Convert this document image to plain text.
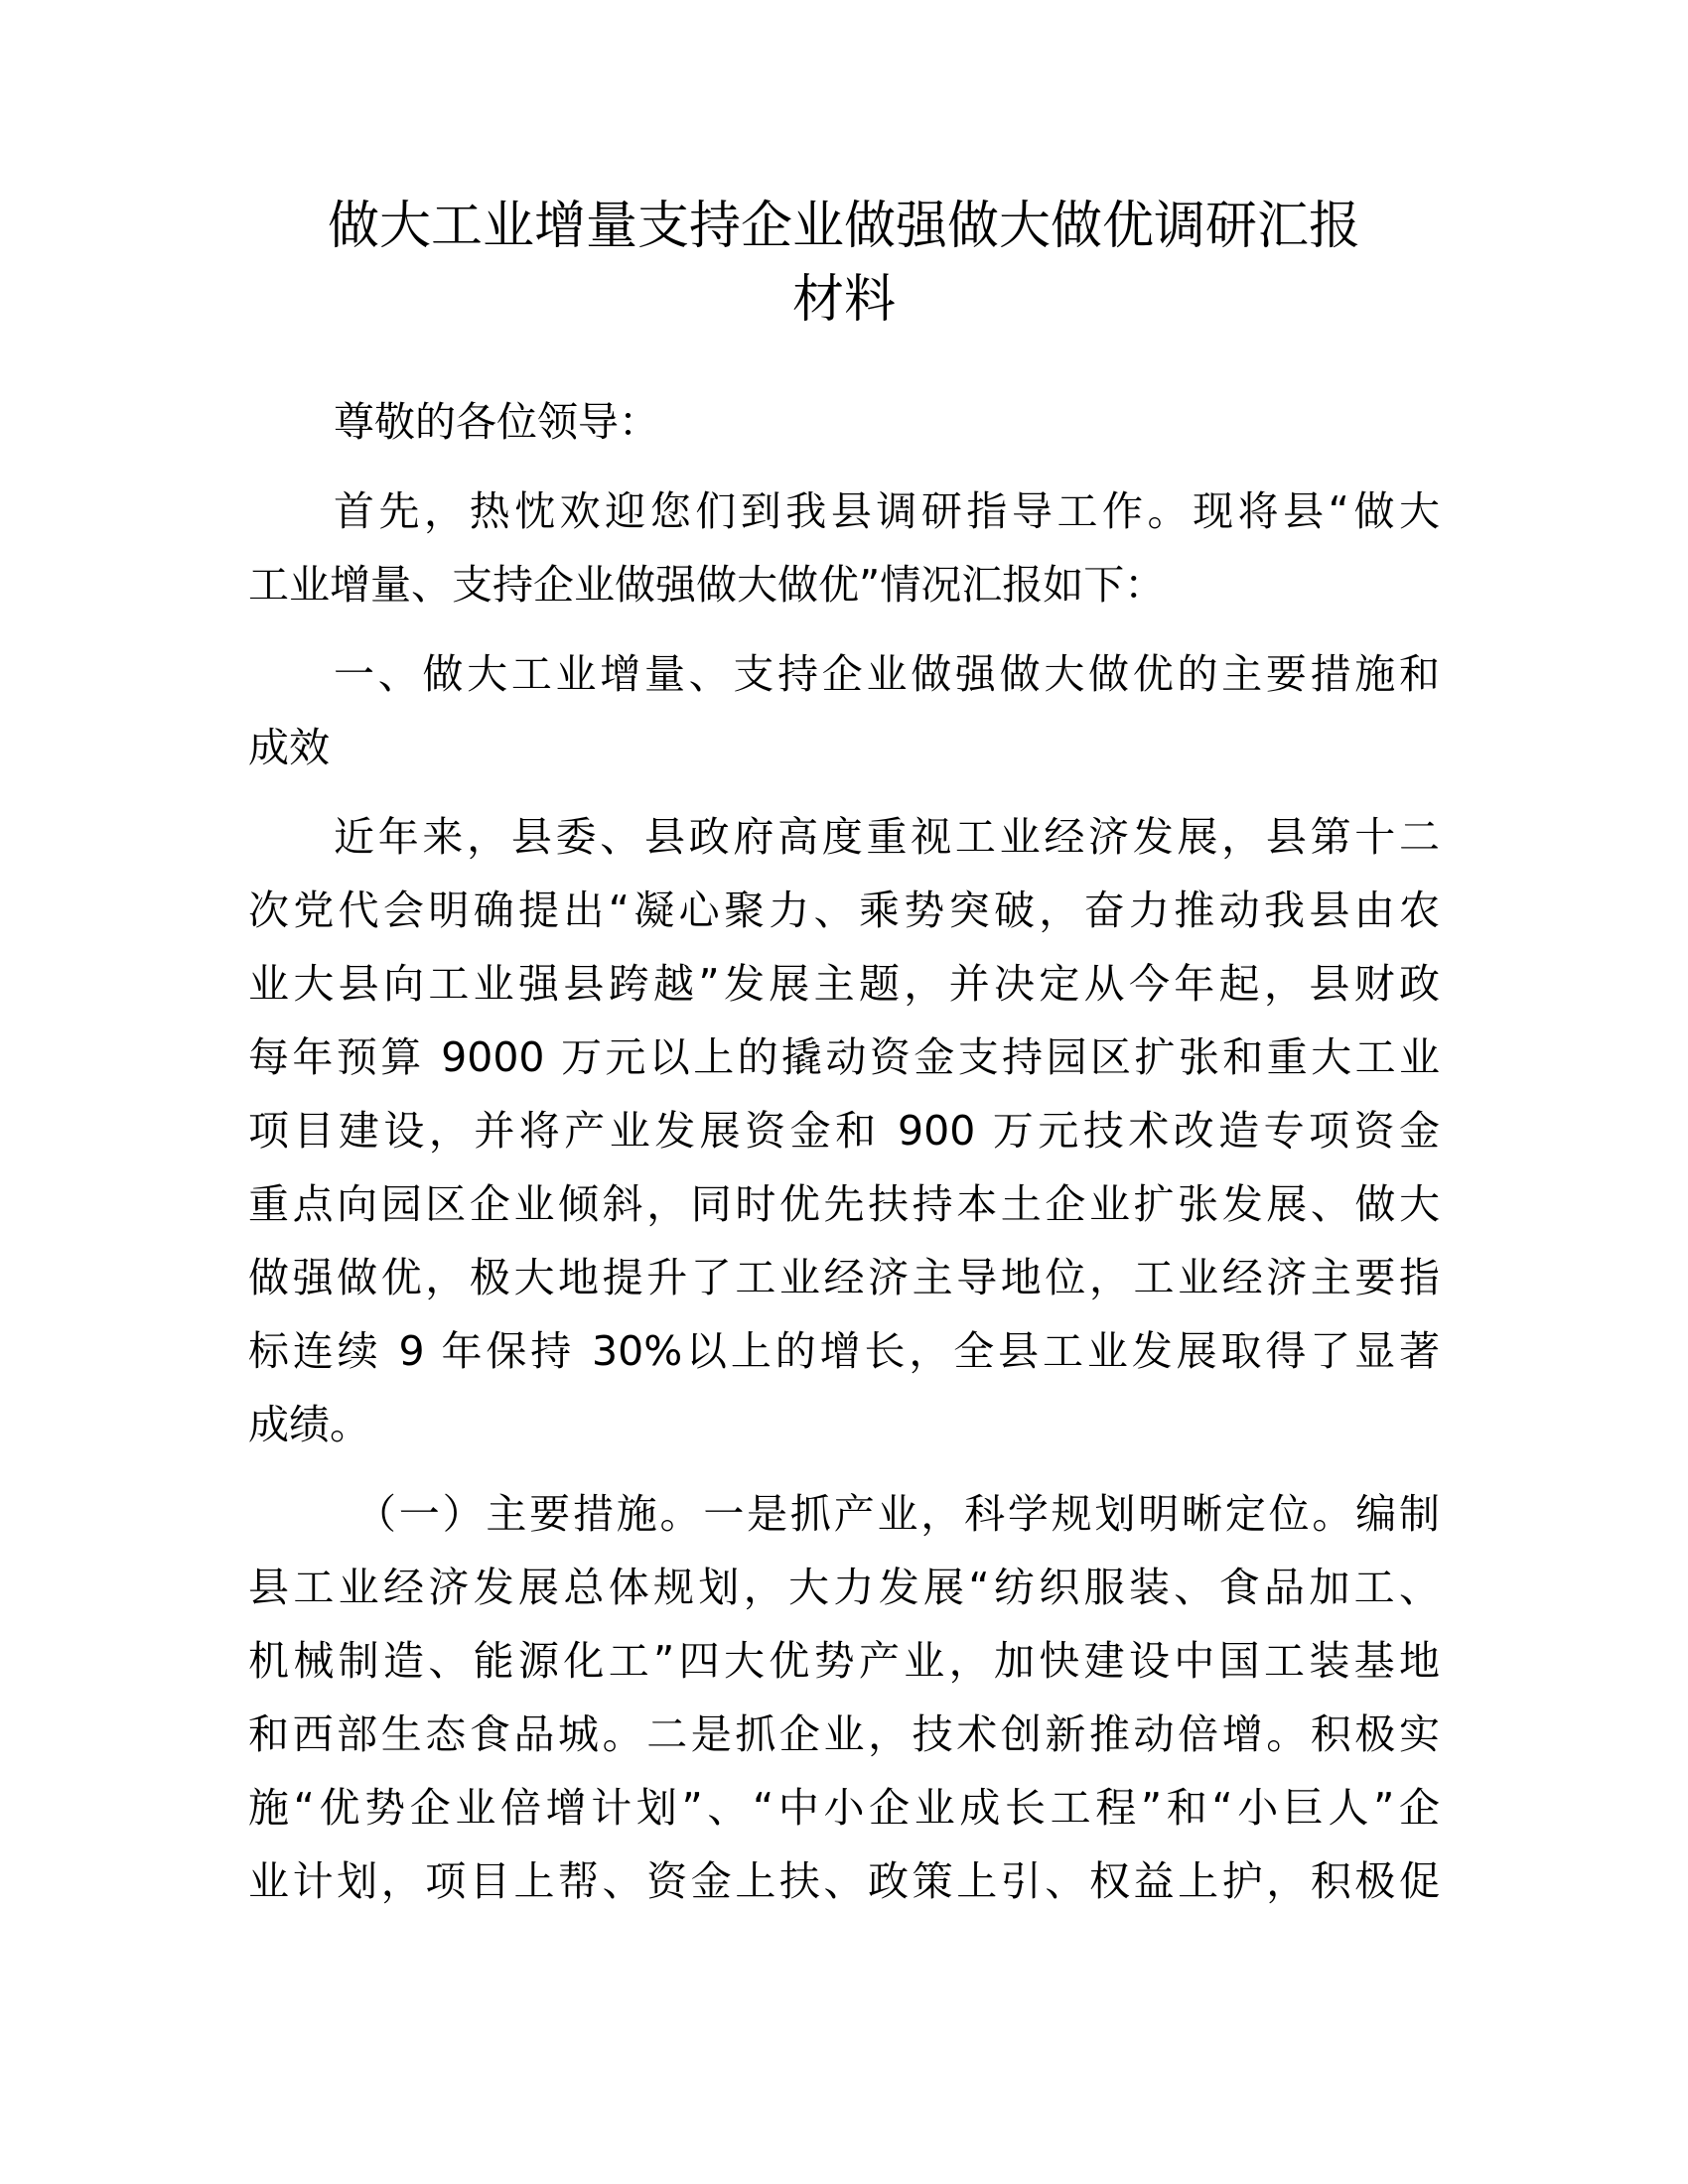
做大工业增量支持企业做强做大做优调研汇报
材料
尊敬的各位领导：
首先，热忱欢迎您们到我县调研指导工作。现将县“做大
工业增量、支持企业做强做大做优”情况汇报如下：
一、做大工业增量、支持企业做强做大做优的主要措施和
成效
近年来，县委、县政府高度重视工业经济发展，县第十二
次党代会明确提出“凝心聚力、乘势突破，奋力推动我县由农
业大县向工业强县跨越”发展主题，并决定从今年起，县财政
每年预算 9000 万元以上的撬动资金支持园区扩张和重大工业
项目建设，并将产业发展资金和 900 万元技术改造专项资金
重点向园区企业倾斜，同时优先扶持本土企业扩张发展、做大
做强做优，极大地提升了工业经济主导地位，工业经济主要指
标连续 9 年保持 30%以上的增长，全县工业发展取得了显著
成绩。
（一）主要措施。一是抓产业，科学规划明晰定位。编制
县工业经济发展总体规划，大力发展“纺织服装、食品加工、
机械制造、能源化工”四大优势产业，加快建设中国工装基地
和西部生态食品城。二是抓企业，技术创新推动倍增。积极实
施“优势企业倍增计划”、“中小企业成长工程”和“小巨人”企
业计划，项目上帮、资金上扶、政策上引、权益上护，积极促
